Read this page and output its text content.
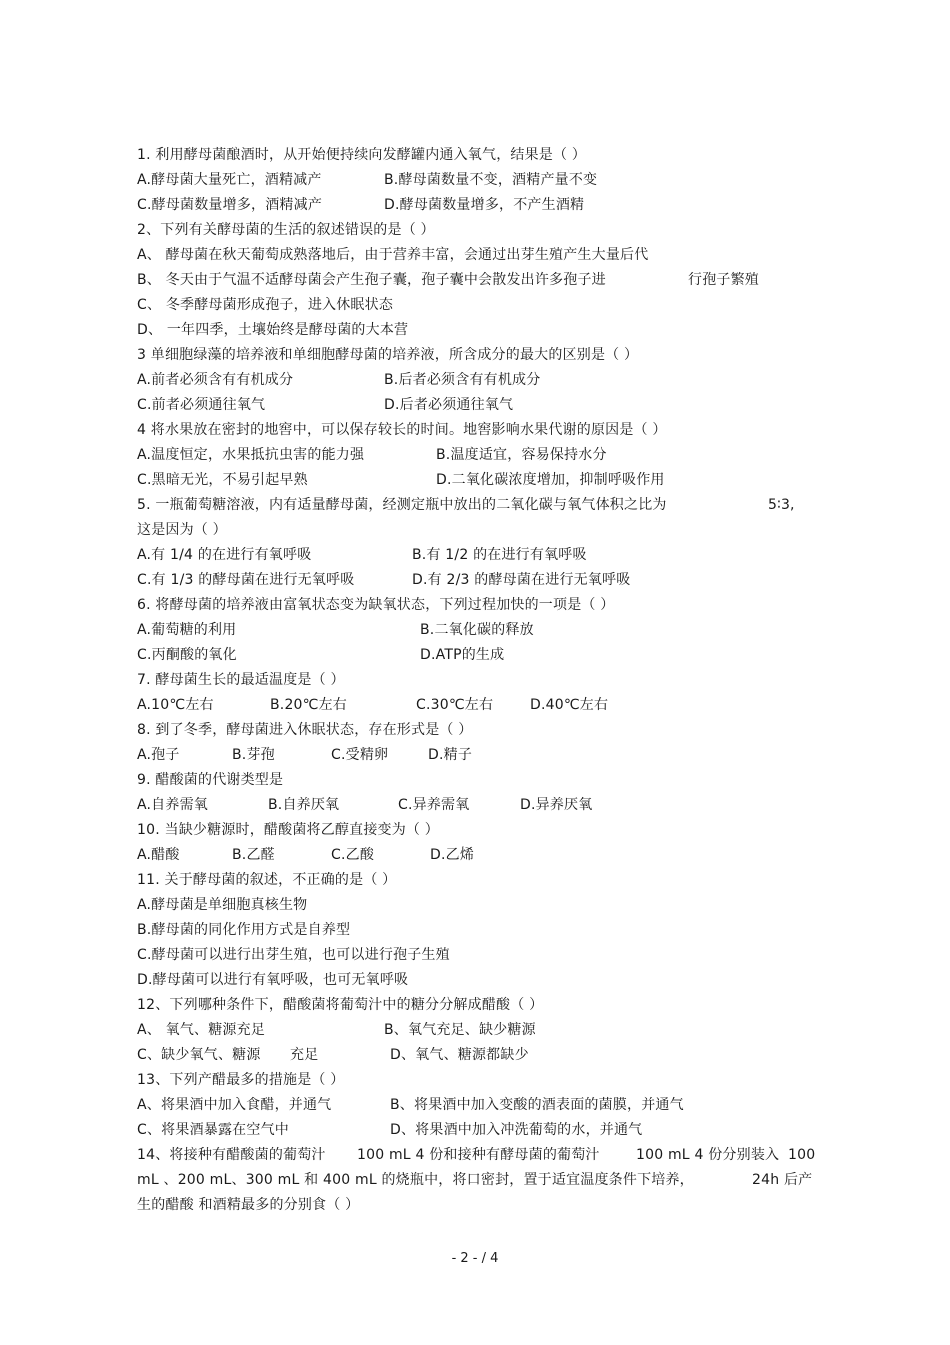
1. 利用酵母菌酿酒时，从开始便持续向发酵罐内通入氧气，结果是（ ）
A.酵母菌大量死亡，酒精减产	B.酵母菌数量不变，酒精产量不变
C.酵母菌数量增多，酒精减产	D.酵母菌数量增多，不产生酒精
2、下列有关酵母菌的生活的叙述错误的是（ ）
A、 酵母菌在秋天葡萄成熟落地后，由于营养丰富，会通过出芽生殖产生大量后代
B、 冬天由于气温不适酵母菌会产生孢子囊，孢子囊中会散发出许多孢子进	行孢子繁殖
C、 冬季酵母菌形成孢子，进入休眠状态
D、 一年四季，土壤始终是酵母菌的大本营
3 单细胞绿藻的培养液和单细胞酵母菌的培养液，所含成分的最大的区别是（ ）
A.前者必须含有有机成分	B.后者必须含有有机成分
C.前者必须通往氧气	D.后者必须通往氧气
4 将水果放在密封的地窖中，可以保存较长的时间。地窖影响水果代谢的原因是（ ）
A.温度恒定，水果抵抗虫害的能力强	B.温度适宜，容易保持水分
C.黑暗无光，不易引起早熟	D.二氧化碳浓度增加，抑制呼吸作用
5. 一瓶葡萄糖溶液，内有适量酵母菌，经测定瓶中放出的二氧化碳与氧气体积之比为	5∶3,
这是因为（ ）
A.有 1/4 的在进行有氧呼吸	B.有 1/2 的在进行有氧呼吸
C.有 1/3 的酵母菌在进行无氧呼吸	D.有 2/3 的酵母菌在进行无氧呼吸
6. 将酵母菌的培养液由富氧状态变为缺氧状态，下列过程加快的一项是（ ）
A.葡萄糖的利用	B.二氧化碳的释放
C.丙酮酸的氧化	D.ATP的生成
7. 酵母菌生长的最适温度是（ ）
A.10℃左右	B.20℃左右	C.30℃左右	D.40℃左右
8. 到了冬季，酵母菌进入休眠状态，存在形式是（ ）
A.孢子	B.芽孢	C.受精卵	D.精子
9. 醋酸菌的代谢类型是
A.自养需氧	B.自养厌氧	C.异养需氧	D.异养厌氧
10. 当缺少糖源时，醋酸菌将乙醇直接变为（ ）
A.醋酸	B.乙醛	C.乙酸	D.乙烯
11. 关于酵母菌的叙述，不正确的是（ ）
A.酵母菌是单细胞真核生物
B.酵母菌的同化作用方式是自养型
C.酵母菌可以进行出芽生殖，也可以进行孢子生殖
D.酵母菌可以进行有氧呼吸，也可无氧呼吸
12、下列哪种条件下，醋酸菌将葡萄汁中的糖分分解成醋酸（ ）
A、 氧气、糖源充足	B、氧气充足、缺少糖源
C、缺少氧气、糖源 充足	D、氧气、糖源都缺少
13、下列产醋最多的措施是（ ）
A、将果酒中加入食醋，并通气	B、将果酒中加入变酸的酒表面的菌膜，并通气
C、将果酒暴露在空气中	D、将果酒中加入冲洗葡萄的水，并通气
14、将接种有醋酸菌的葡萄汁 100 mL 4 份和接种有酵母菌的葡萄汁	100 mL 4 份分别装入 100
mL 、200 mL、300 mL 和 400 mL 的烧瓶中，将口密封，置于适宜温度条件下培养，	24h 后产
生的醋酸 和酒精最多的分别食（ ）
- 2 - / 4
